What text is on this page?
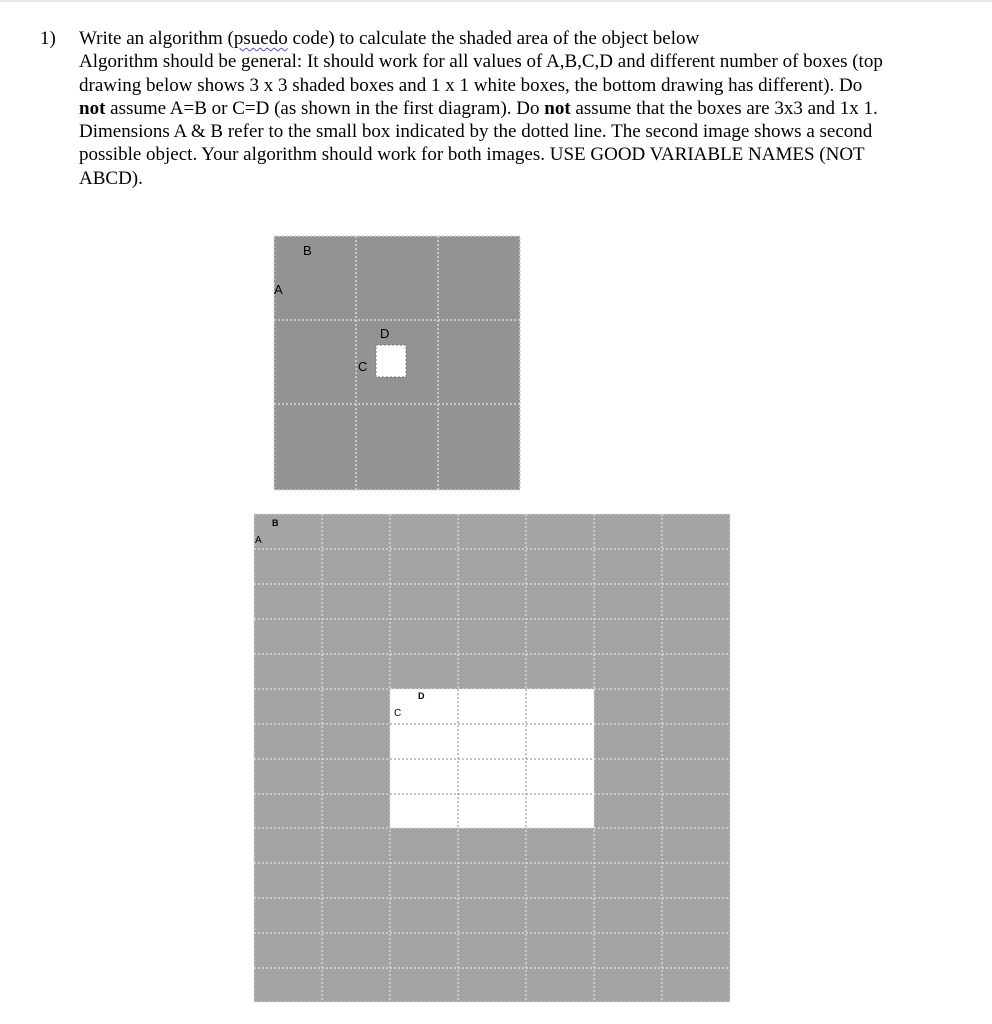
1) Write an algorithm (psuedo code) to calculate the shaded area of the object below

Algorithm should be general: It should work for all values of A,B,C,D and different number of boxes (top

drawing below shows 3 x 3 shaded boxes and 1 x 1 white boxes, the bottom drawing has different). Do

not assume A=B or C=D (as shown in the first diagram). Do not assume that the boxes are 3x3 and 1x 1.

Dimensions A & B refer to the small box indicated by the dotted line. The second image shows a second

possible object. Your algorithm should work for both images. USE GOOD VARIABLE NAMES (NOT

ABCD).

B
A
D
C
B
A
D
C
